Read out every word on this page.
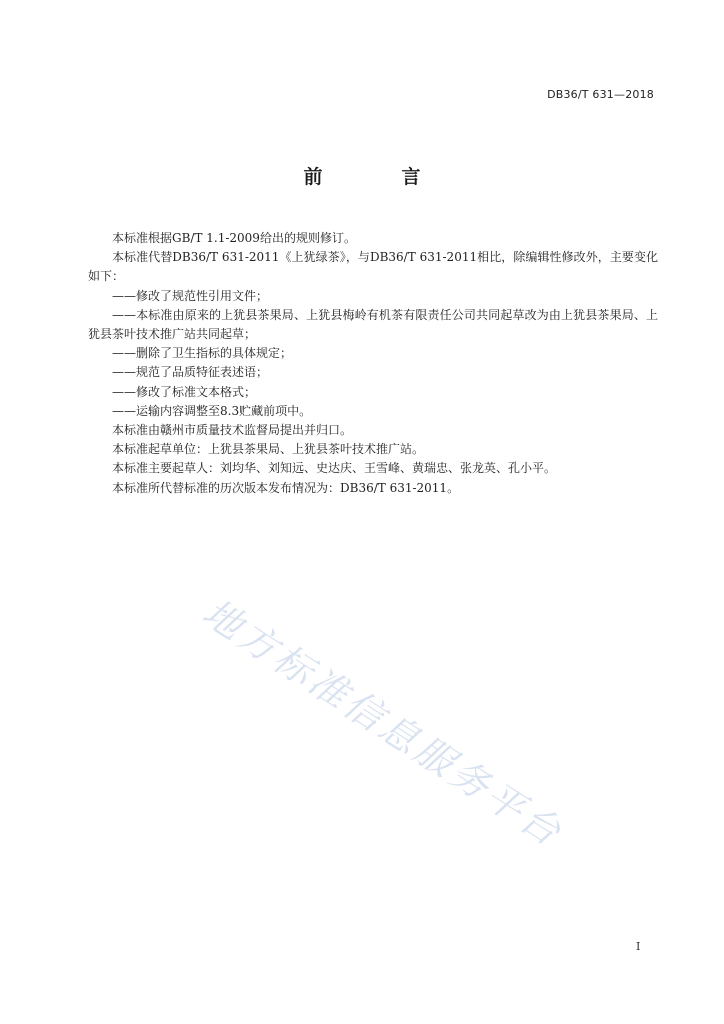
DB36/T 631—2018
前　言

本标准根据GB/T 1.1-2009给出的规则修订。

本标准代替DB36/T 631-2011《上犹绿茶》，与DB36/T 631-2011相比，除编辑性修改外，主要变化如下：

——修改了规范性引用文件；

——本标准由原来的上犹县茶果局、上犹县梅岭有机茶有限责任公司共同起草改为由上犹县茶果局、上犹县茶叶技术推广站共同起草；

——删除了卫生指标的具体规定；

——规范了品质特征表述语；

——修改了标准文本格式；

——运输内容调整至8.3贮藏前项中。

本标准由赣州市质量技术监督局提出并归口。

本标准起草单位：上犹县茶果局、上犹县茶叶技术推广站。

本标准主要起草人：刘均华、刘知远、史达庆、王雪峰、黄瑞忠、张龙英、孔小平。

本标准所代替标准的历次版本发布情况为：DB36/T 631-2011。

地方标准信息服务平台
I
